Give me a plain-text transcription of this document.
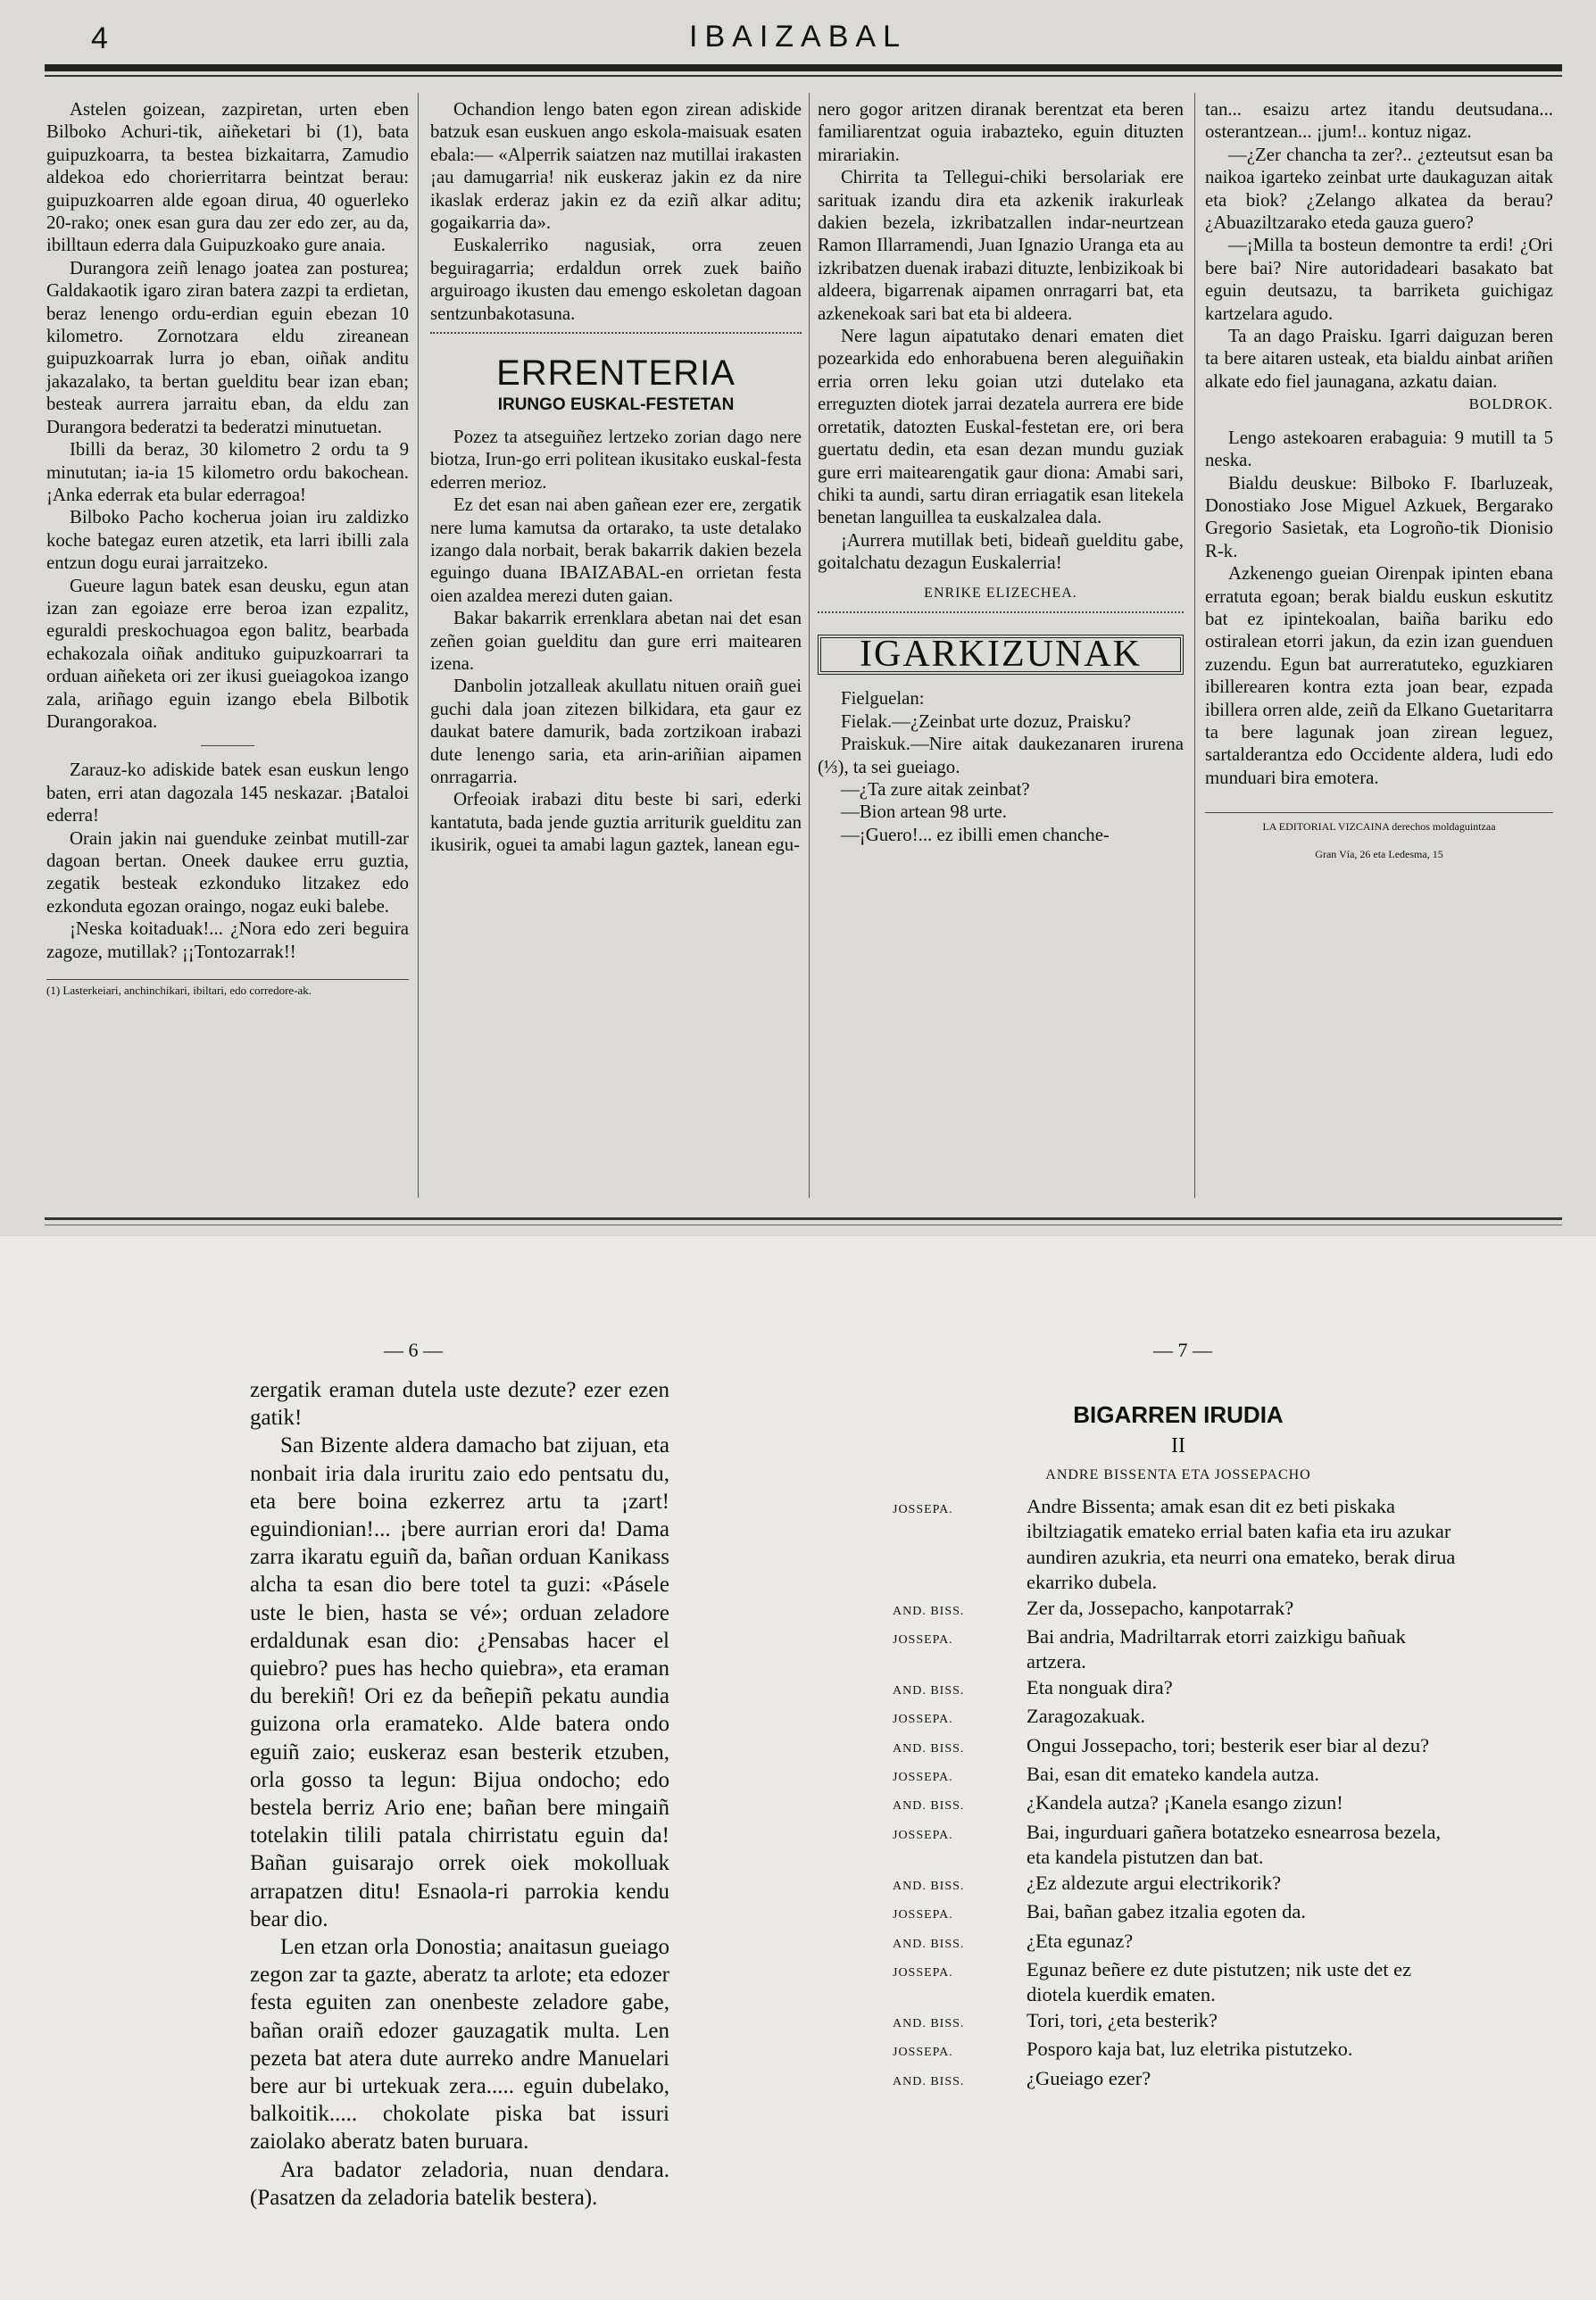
4	IBAIZABAL

Astelen goizean, zazpiretan, urten eben Bilboko Achuri-tik, aiñeketari bi (1), bata guipuzkoarra, ta bestea bizkaitarra, Zamudio aldekoa edo chorierritarra beintzat berau: guipuzkoarren alde egoan dirua, 40 oguerleko 20-rako; oneк esan gura dau zer edo zer, au da, ibilltaun ederra dala Guipuzkoako gure anaia.

Durangora zeiñ lenago joatea zan posturea; Galdakaotik igaro ziran batera zazpi ta erdietan, beraz lenengo ordu-erdian eguin ebezan 10 kilometro. Zornotzara eldu zireanean guipuzkoarrak lurra jo eban, oiñak anditu jakazalako, ta bertan guelditu bear izan eban; besteak aurrera jarraitu eban, da eldu zan Durangora bederatzi ta bederatzi minutuetan.

Ibilli da beraz, 30 kilometro 2 ordu ta 9 minututan; ia-ia 15 kilometro ordu bakochean. ¡Anka ederrak eta bular ederragoa!

Bilboko Pacho kocherua joian iru zaldizko koche bategaz euren atzetik, eta larri ibilli zala entzun dogu eurai jarraitzeko.

Gueure lagun batek esan deusku, egun atan izan zan egoiaze erre beroa izan ezpalitz, eguraldi preskochuagoa egon balitz, bearbada echakozala oiñak andituko guipuzkoarrari ta orduan aiñeketa ori zer ikusi gueiagokoa izango zala, ariñago eguin izango ebela Bilbotik Durangorakoa.

Zarauz-ko adiskide batek esan euskun lengo baten, erri atan dagozala 145 neskazar. ¡Bataloi ederra!

Orain jakin nai guenduke zeinbat mutill-zar dagoan bertan. Oneek daukeе erru guztia, zegatik besteak ezkonduko litzakez edo ezkonduta egozan oraingo, nogaz euki balebe.

¡Neska koitaduak!... ¿Nora edo zeri beguira zagoze, mutillak? ¡¡Tontozarrak!!

(1) Lasterkeiari, anchinchikari, ibiltari, edo corredore-ak.

Ochandion lengo baten egon zirean adiskide batzuk esan euskuen ango eskola-maisuak esaten ebala:— «Alperrik saiatzen naz mutillai irakasten ¡au damugarria! nik euskeraz jakin ez da nire ikaslak erderaz jakin ez da eziñ alkar aditu; gogaikarria da».

Euskalerriko nagusiak, orra zeuen beguiragarria; erdaldun orrek zuek baiño arguiroago ikusten dau emengo eskoletan dagoan sentzunbakotasuna.

ERRENTERIA
IRUNGO EUSKAL-FESTETAN

Pozez ta atseguiñez lertzeko zorian dago nere biotza, Irun-go erri politean ikusitako euskal-festa ederren merioz.

Ez det esan nai aben gañean ezer ere, zergatik nere luma kamutsa da ortarako, ta uste detalako izango dala norbait, berak bakarrik dakien bezela eguingo duana IBAIZABAL-en orrietan festa oien azaldea merezi duten gaian.

Bakar bakarrik errenklara abetan nai det esan zeñen goian guelditu dan gure erri maitearen izena.

Danbolin jotzalleak akullatu nituen oraiñ guei guchi dala joan zitezen bilkidara, eta gaur ez daukat batere damurik, bada zortzikoan irabazi dute lenengo saria, eta arin-ariñian aipamen onrragarria.

Orfeoiak irabazi ditu beste bi sari, ederki kantatuta, bada jende guztia arriturik guelditu zan ikusirik, oguei ta amabi lagun gaztek, lanean egu-

nero gogor aritzen diranak berentzat eta beren familiarentzat oguia irabazteko, eguin dituzten mirariakin.

Chirrita ta Tellegui-chiki bersolariak ere sarituak izandu dira eta azkenik irakurleak dakien bezela, izkribatzallen indar-neurtzean Ramon Illarramendi, Juan Ignazio Uranga eta au izkribatzen duenak irabazi dituzte, lenbizikoak bi aldeera, bigarrenak aipamen onrragarri bat, eta azkenekoak sari bat eta bi aldeera.

Nere lagun aipatutako denari ematen diet pozearkida edo enhorabuena beren aleguiñakin erria orren leku goian utzi dutelako eta erreguzten diotek jarrai dezatela aurrera ere bide orretatik, datozten Euskal-festetan ere, ori bera guertatu dedin, eta esan dezan mundu guziak gure erri maitearengatik gaur diona: Amabi sari, chiki ta aundi, sartu diran erriagatik esan litekela benetan languillea ta euskalzalea dala.

¡Aurrera mutillak beti, bideañ guelditu gabe, goitalchatu dezagun Euskalerria!

ENRIKE ELIZECHEA.
IGARKIZUNAK

Fielguelan:

Fielak.—¿Zeinbat urte dozuz, Praisku?

Praiskuk.—Nire aitak daukezanaren irurena (⅓), ta sei gueiago.

—¿Ta zure aitak zeinbat?

—Bion artean 98 urte.

—¡Guero!... ez ibilli emen chanche-

tan... esaizu artez itandu deutsudana... osterantzean... ¡jum!.. kontuz nigaz.

—¿Zer chancha ta zer?.. ¿ezteutsut esan ba naikoa igarteko zeinbat urte daukaguzan aitak eta biok? ¿Zelango alkatea da berau? ¿Abuaziltzarako eteda gauza guero?

—¡Milla ta bosteun demontre ta erdi! ¿Ori bere bai? Nire autoridadeari basakato bat eguin deutsazu, ta barriketa guichigaz kartzelara agudo.

Ta an dago Praisku. Igarri daiguzan beren ta bere aitaren usteak, eta bialdu ainbat ariñen alkate edo fiel jaunagana, azkatu daian.

BOLDROK.

Lengo astekoaren erabaguia: 9 mutill ta 5 neska.

Bialdu deuskue: Bilboko F. Ibarluzeak, Donostiako Jose Miguel Azkuek, Bergarako Gregorio Sasietak, eta Logroño-tik Dionisio R-k.

Azkenengo gueian Oirenpak ipinten ebana erratuta egoan; berak bialdu euskun eskutitz bat ez ipintekoalan, baiña bariku edo ostiralean etorri jakun, da ezin izan guenduen zuzendu. Egun bat aurreratuteko, eguzkiaren ibillerearen kontra ezta joan bear, ezpada ibillera orren alde, zeiñ da Elkano Guetaritarra ta bere lagunak joan zirean leguez, sartalderantza edo Occidente aldera, ludi edo munduari bira emotera.

LA EDITORIAL VIZCAINA derechos moldaguintzaa
Gran Vía, 26 eta Ledesma, 15
— 6 —

zergatik eraman dutela uste dezute? ezer ezen gatik!

San Bizente aldera damacho bat zijuan, eta nonbait iria dala iruritu zaio edo pentsatu du, eta bere boina ezkerrez artu ta ¡zart! eguindionian!... ¡bere aurrian erori da! Dama zarra ikaratu eguiñ da, bañan orduan Kanikass alcha ta esan dio bere totel ta guzi: «Pásele uste le bien, hasta se vé»; orduan zeladore erdaldunak esan dio: ¿Pensabas hacer el quiebro? pues has hecho quiebra», eta eraman du berekiñ! Ori ez da beñepiñ pekatu aundia guizona orla eramateko. Alde batera ondo eguiñ zaio; euskeraz esan besterik etzuben, orla gosso ta legun: Bijua ondocho; edo bestela berriz Ario ene; bañan bere mingaiñ totelakin tilili patala chirristatu eguin da! Bañan guisarajo orrek oiek mokolluak arrapatzen ditu! Esnaola-ri parrokia kendu bear dio.

Len etzan orla Donostia; anaitasun gueiago zegon zar ta gazte, aberatz ta arlote; eta edozer festa eguiten zan onenbeste zeladore gabe, bañan oraiñ edozer gauzagatik multa. Len pezeta bat atera dute aurreko andre Manuelari bere aur bi urtekuak zera..... eguin dubelako, balkoitik..... chokolate piska bat issuri zaiolako aberatz baten buruara.

Ara badator zeladoria, nuan dendara. (Pasatzen da zeladoria batelik bestera).

— 7 —
BIGARREN IRUDIA
II
ANDRE BISSENTA ETA JOSSEPACHO
JOSSEPA.	Andre Bissenta; amak esan dit ez beti piskaka ibiltziagatik emateko errial baten kafia eta iru azukar aundiren azukria, eta neurri ona emateko, berak dirua ekarriko dubela.
AND. BISS.	Zer da, Jossepacho, kanpotarrak?
JOSSEPA.	Bai andria, Madriltarrak etorri zaizkigu bañuak artzera.
AND. BISS.	Eta nonguak dira?
JOSSEPA.	Zaragozakuak.
AND. BISS.	Ongui Jossepacho, tori; besterik eser biar al dezu?
JOSSEPA.	Bai, esan dit emateko kandela autza.
AND. BISS.	¿Kandela autza? ¡Kanela esango zizun!
JOSSEPA.	Bai, ingurduari gañera botatzeko esnearrosa bezela, eta kandela pistutzen dan bat.
AND. BISS.	¿Ez aldezute argui electrikorik?
JOSSEPA.	Bai, bañan gabez itzalia egoten da.
AND. BISS.	¿Eta egunaz?
JOSSEPA.	Egunaz beñere ez dute pistutzen; nik uste det ez diotela kuerdik ematen.
AND. BISS.	Tori, tori, ¿eta besterik?
JOSSEPA.	Posporo kaja bat, luz eletrika pistutzeko.
AND. BISS.	¿Gueiago ezer?
